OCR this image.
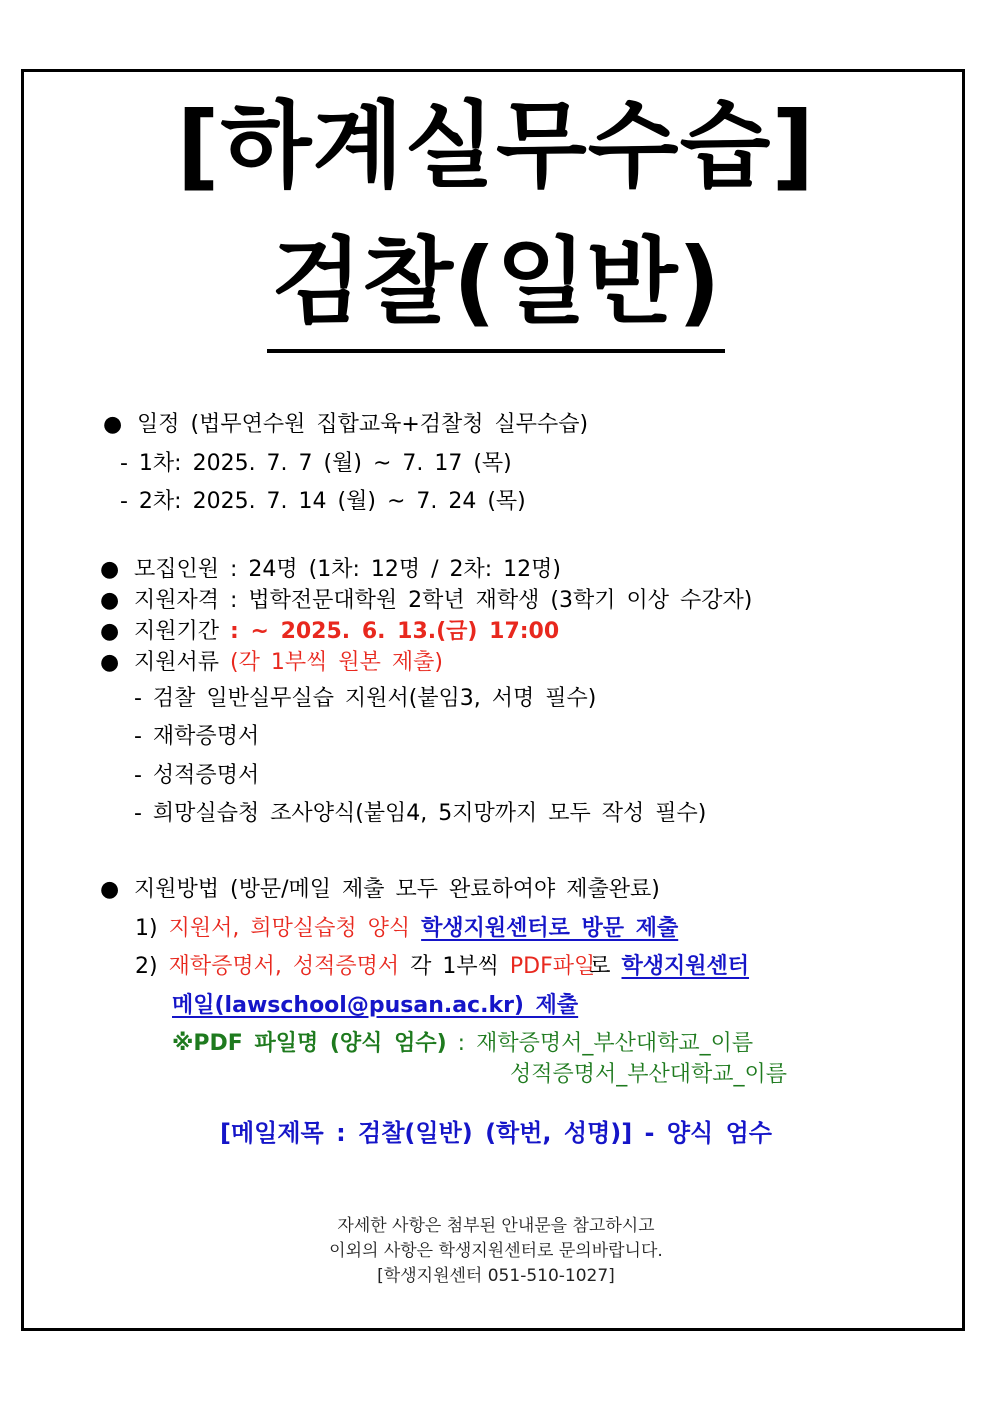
[하계실무수습]
검찰(일반)
● 일정 (법무연수원 집합교육+검찰청 실무수습)
- 1차: 2025. 7. 7 (월) ~ 7. 17 (목)
- 2차: 2025. 7. 14 (월) ~ 7. 24 (목)
● 모집인원 : 24명 (1차: 12명 / 2차: 12명)
● 지원자격 : 법학전문대학원 2학년 재학생 (3학기 이상 수강자)
● 지원기간 : ~ 2025. 6. 13.(금) 17:00
● 지원서류 (각 1부씩 원본 제출)
- 검찰 일반실무실습 지원서(붙임3, 서명 필수)
- 재학증명서
- 성적증명서
- 희망실습청 조사양식(붙임4, 5지망까지 모두 작성 필수)
● 지원방법 (방문/메일 제출 모두 완료하여야 제출완료)
1) 지원서, 희망실습청 양식 학생지원센터로 방문 제출
2) 재학증명서, 성적증명서 각 1부씩 PDF파일로 학생지원센터
메일(lawschool@pusan.ac.kr) 제출
※PDF 파일명 (양식 엄수) : 재학증명서_부산대학교_이름
성적증명서_부산대학교_이름
[메일제목 : 검찰(일반) (학번, 성명)] - 양식 엄수
자세한 사항은 첨부된 안내문을 참고하시고
이외의 사항은 학생지원센터로 문의바랍니다.
[학생지원센터 051-510-1027]
